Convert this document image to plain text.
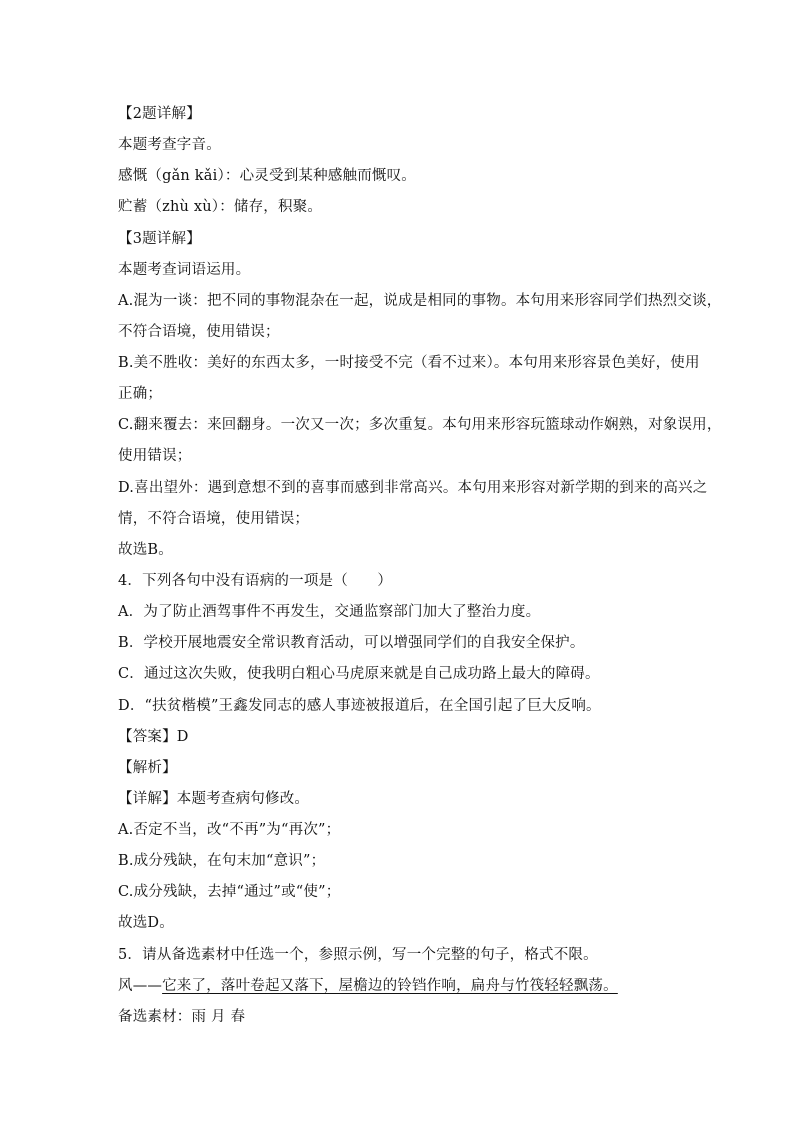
【2题详解】
本题考查字音。
感慨（gǎn kǎi）：心灵受到某种感触而慨叹。
贮蓄（zhù xù）：储存，积聚。
【3题详解】
本题考查词语运用。
A.混为一谈：把不同的事物混杂在一起，说成是相同的事物。本句用来形容同学们热烈交谈，
不符合语境，使用错误；
B.美不胜收：美好的东西太多，一时接受不完（看不过来）。本句用来形容景色美好，使用
正确；
C.翻来覆去：来回翻身。一次又一次；多次重复。本句用来形容玩篮球动作娴熟，对象误用，
使用错误；
D.喜出望外：遇到意想不到的喜事而感到非常高兴。本句用来形容对新学期的到来的高兴之
情，不符合语境，使用错误；
故选B。
4．下列各句中没有语病的一项是（　　）
A．为了防止酒驾事件不再发生，交通监察部门加大了整治力度。
B．学校开展地震安全常识教育活动，可以增强同学们的自我安全保护。
C．通过这次失败，使我明白粗心马虎原来就是自己成功路上最大的障碍。
D．“扶贫楷模”王鑫发同志的感人事迹被报道后，在全国引起了巨大反响。
【答案】D
【解析】
【详解】本题考查病句修改。
A.否定不当，改“不再”为“再次”；
B.成分残缺，在句末加“意识”；
C.成分残缺，去掉“通过”或“使”；
故选D。
5．请从备选素材中任选一个，参照示例，写一个完整的句子，格式不限。
风——它来了，落叶卷起又落下，屋檐边的铃铛作响，扁舟与竹筏轻轻飘荡。
备选素材：雨 月 春
